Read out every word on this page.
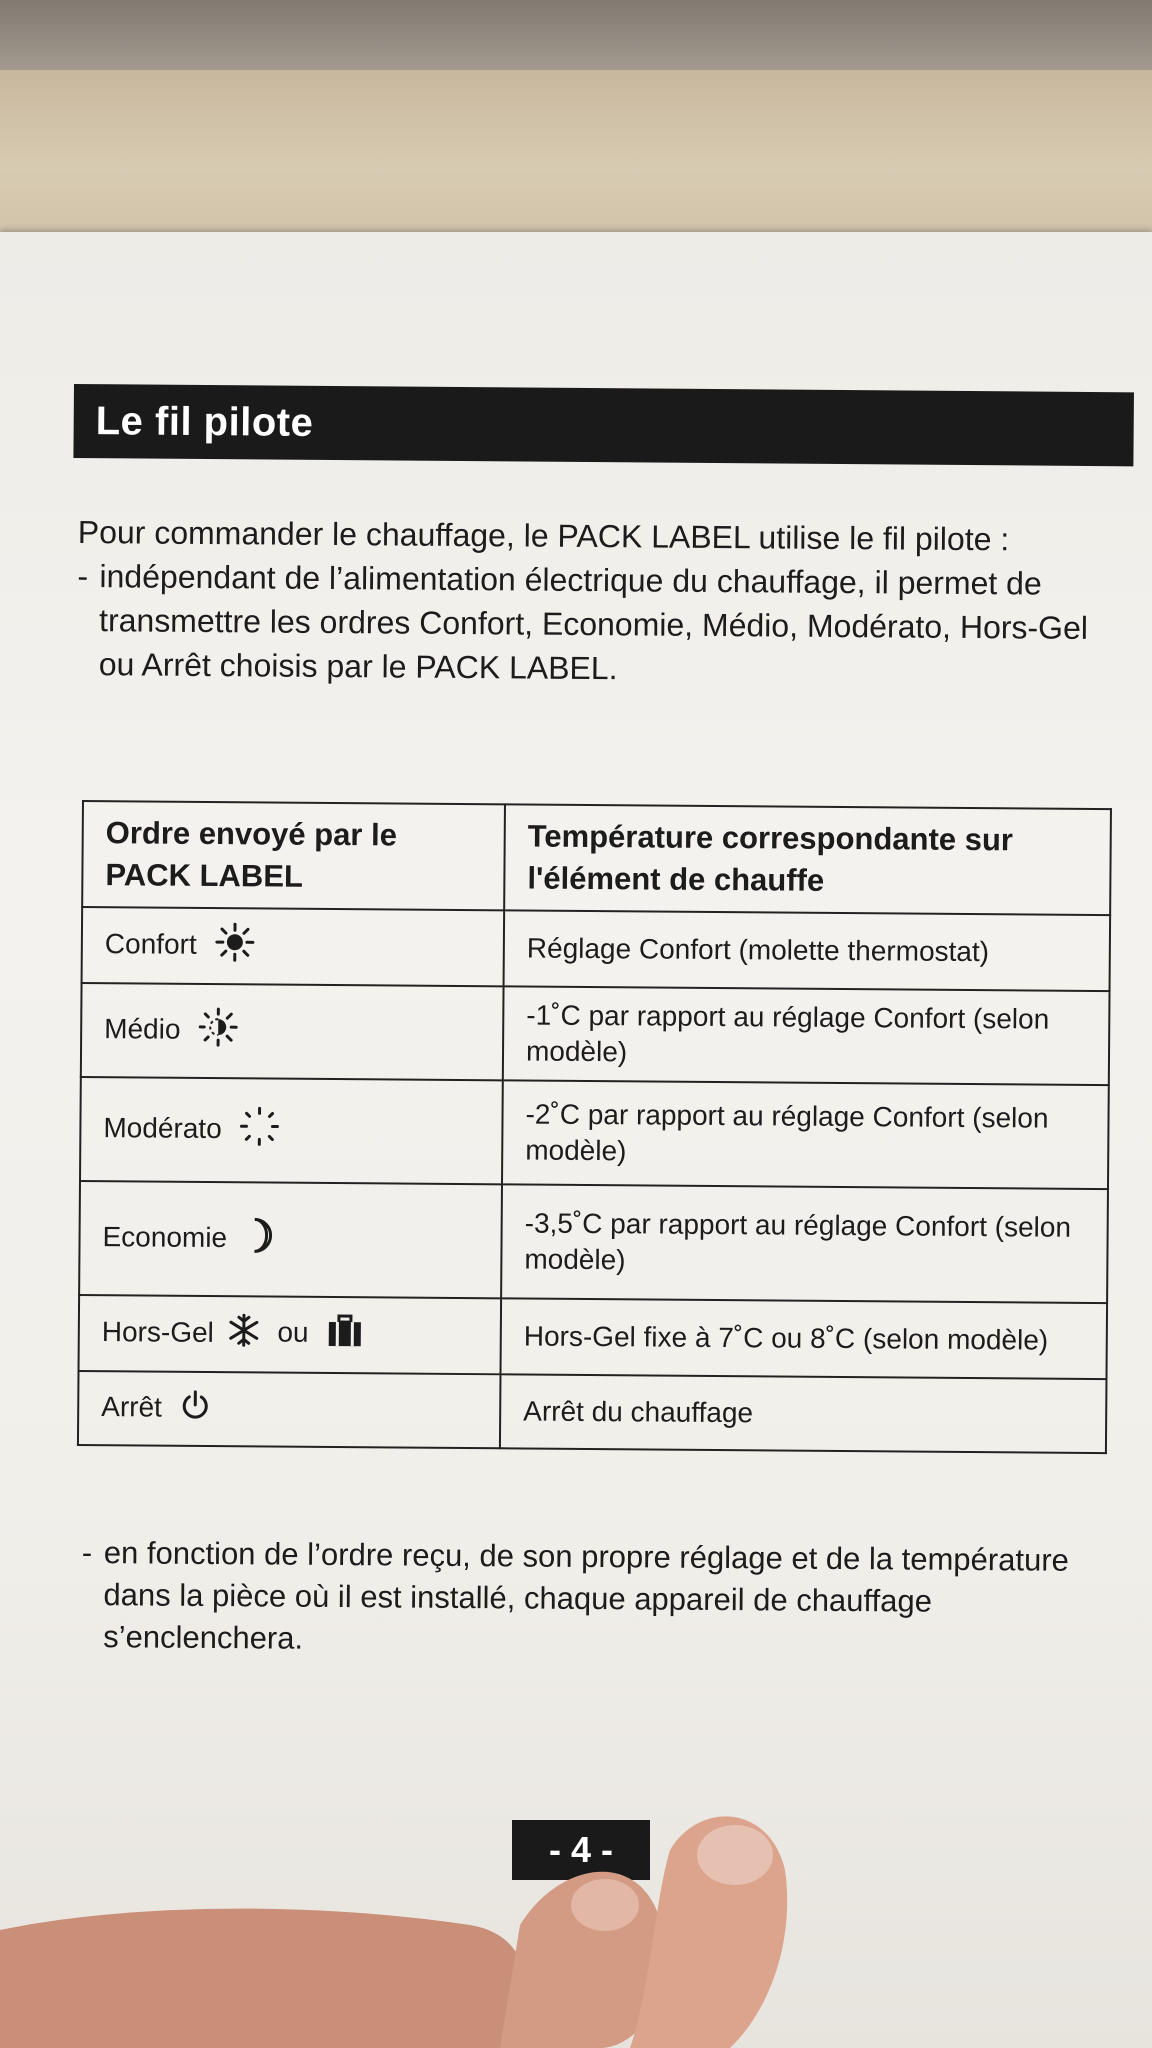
Le fil pilote

Pour commander le chauffage, le PACK LABEL utilise le fil pilote :

- indépendant de l’alimentation électrique du chauffage, il permet de transmettre les ordres Confort, Economie, Médio, Modérato, Hors-Gel ou Arrêt choisis par le PACK LABEL.
Ordre envoyé par le PACK LABEL	Température correspondante sur l'élément de chauffe
Confort	Réglage Confort (molette thermostat)
Médio	-1˚C par rapport au réglage Confort (selon modèle)
Modérato	-2˚C par rapport au réglage Confort (selon modèle)
Economie	-3,5˚C par rapport au réglage Confort (selon modèle)
Hors-Gel ou	Hors-Gel fixe à 7˚C ou 8˚C (selon modèle)
Arrêt	Arrêt du chauffage
- en fonction de l’ordre reçu, de son propre réglage et de la température dans la pièce où il est installé, chaque appareil de chauffage s’enclenchera.
- 4 -
